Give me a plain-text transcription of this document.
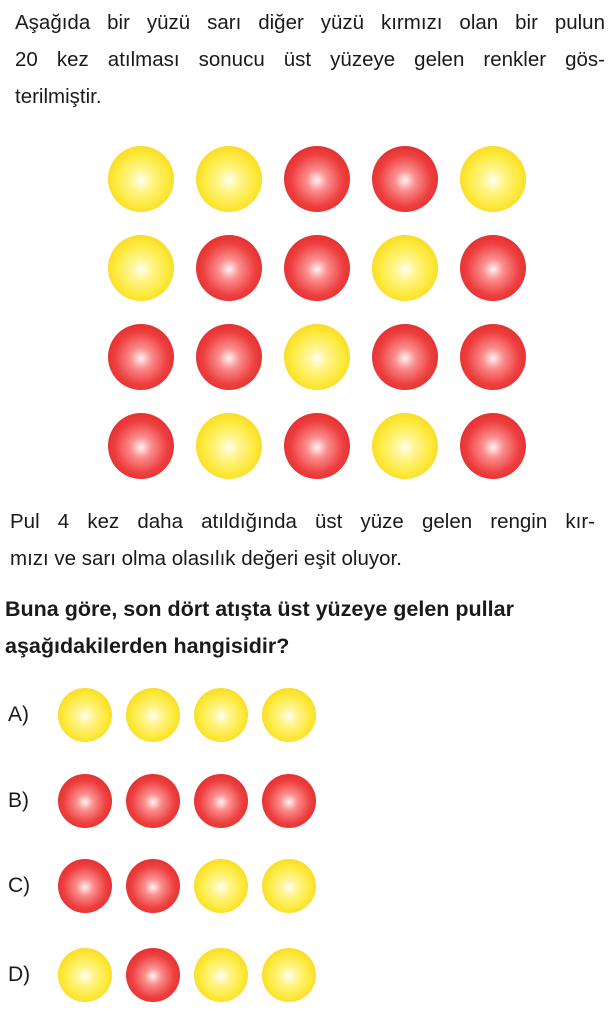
Aşağıda bir yüzü sarı diğer yüzü kırmızı olan bir pulun
20 kez atılması sonucu üst yüzeye gelen renkler gös-
terilmiştir.
Pul 4 kez daha atıldığında üst yüze gelen rengin kır-
mızı ve sarı olma olasılık değeri eşit oluyor.
Buna göre, son dört atışta üst yüzeye gelen pullar
aşağıdakilerden hangisidir?
A)
B)
C)
D)
